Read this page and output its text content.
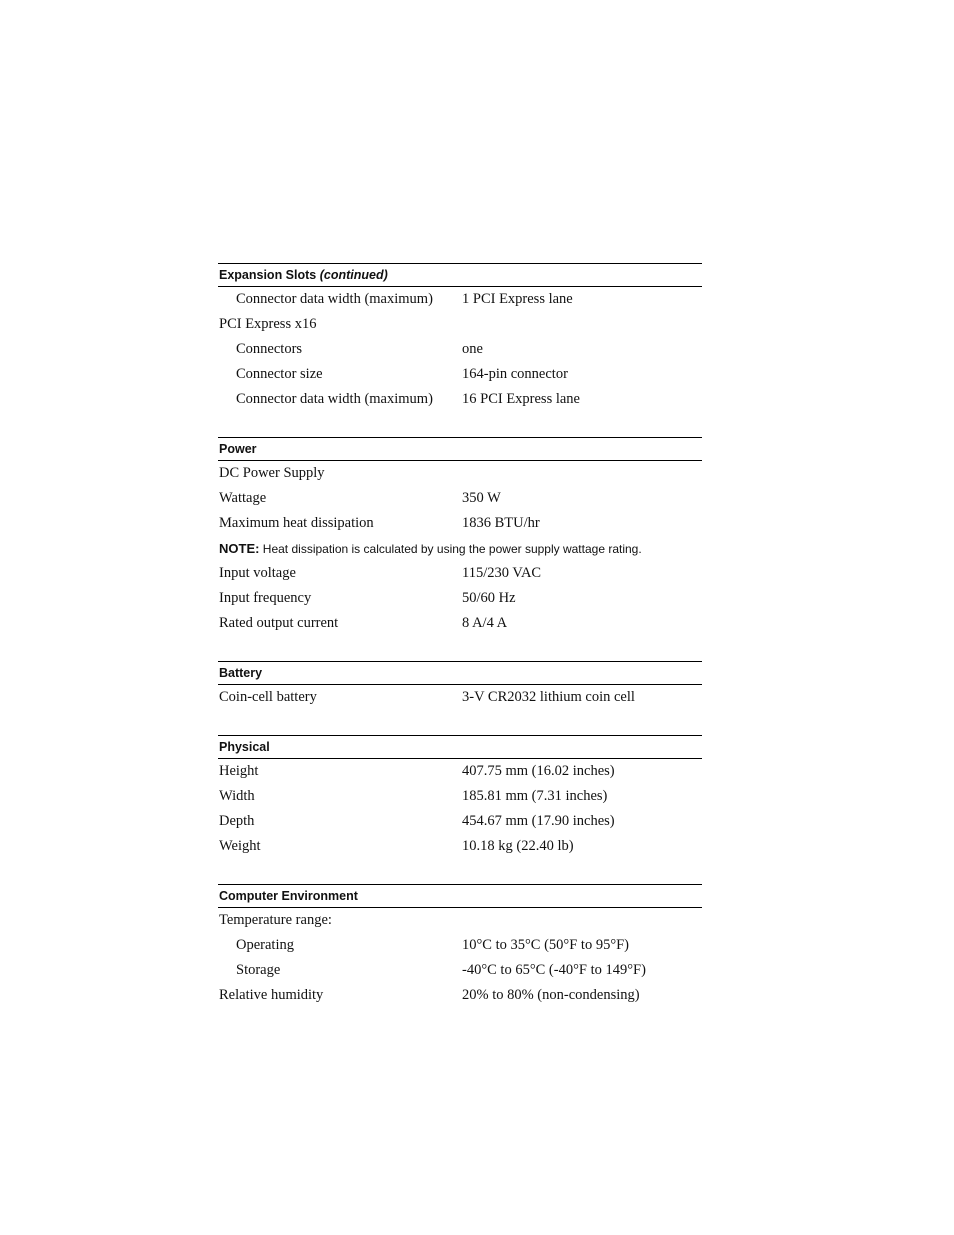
Expansion Slots (continued)
Connector data width (maximum) 1 PCI Express lane
PCI Express x16
Connectors	one
Connector size	164-pin connector
Connector data width (maximum) 16 PCI Express lane
Power
DC Power Supply
Wattage	350 W
Maximum heat dissipation	1836 BTU/hr
NOTE: Heat dissipation is calculated by using the power supply wattage rating.
Input voltage	115/230 VAC
Input frequency	50/60 Hz
Rated output current	8 A/4 A
Battery
Coin-cell battery	3-V CR2032 lithium coin cell
Physical
Height	407.75 mm (16.02 inches)
Width	185.81 mm (7.31 inches)
Depth	454.67 mm (17.90 inches)
Weight	10.18 kg (22.40 lb)
Computer Environment
Temperature range:
Operating	10°C to 35°C (50°F to 95°F)
Storage	-40°C to 65°C (-40°F to 149°F)
Relative humidity	20% to 80% (non-condensing)
